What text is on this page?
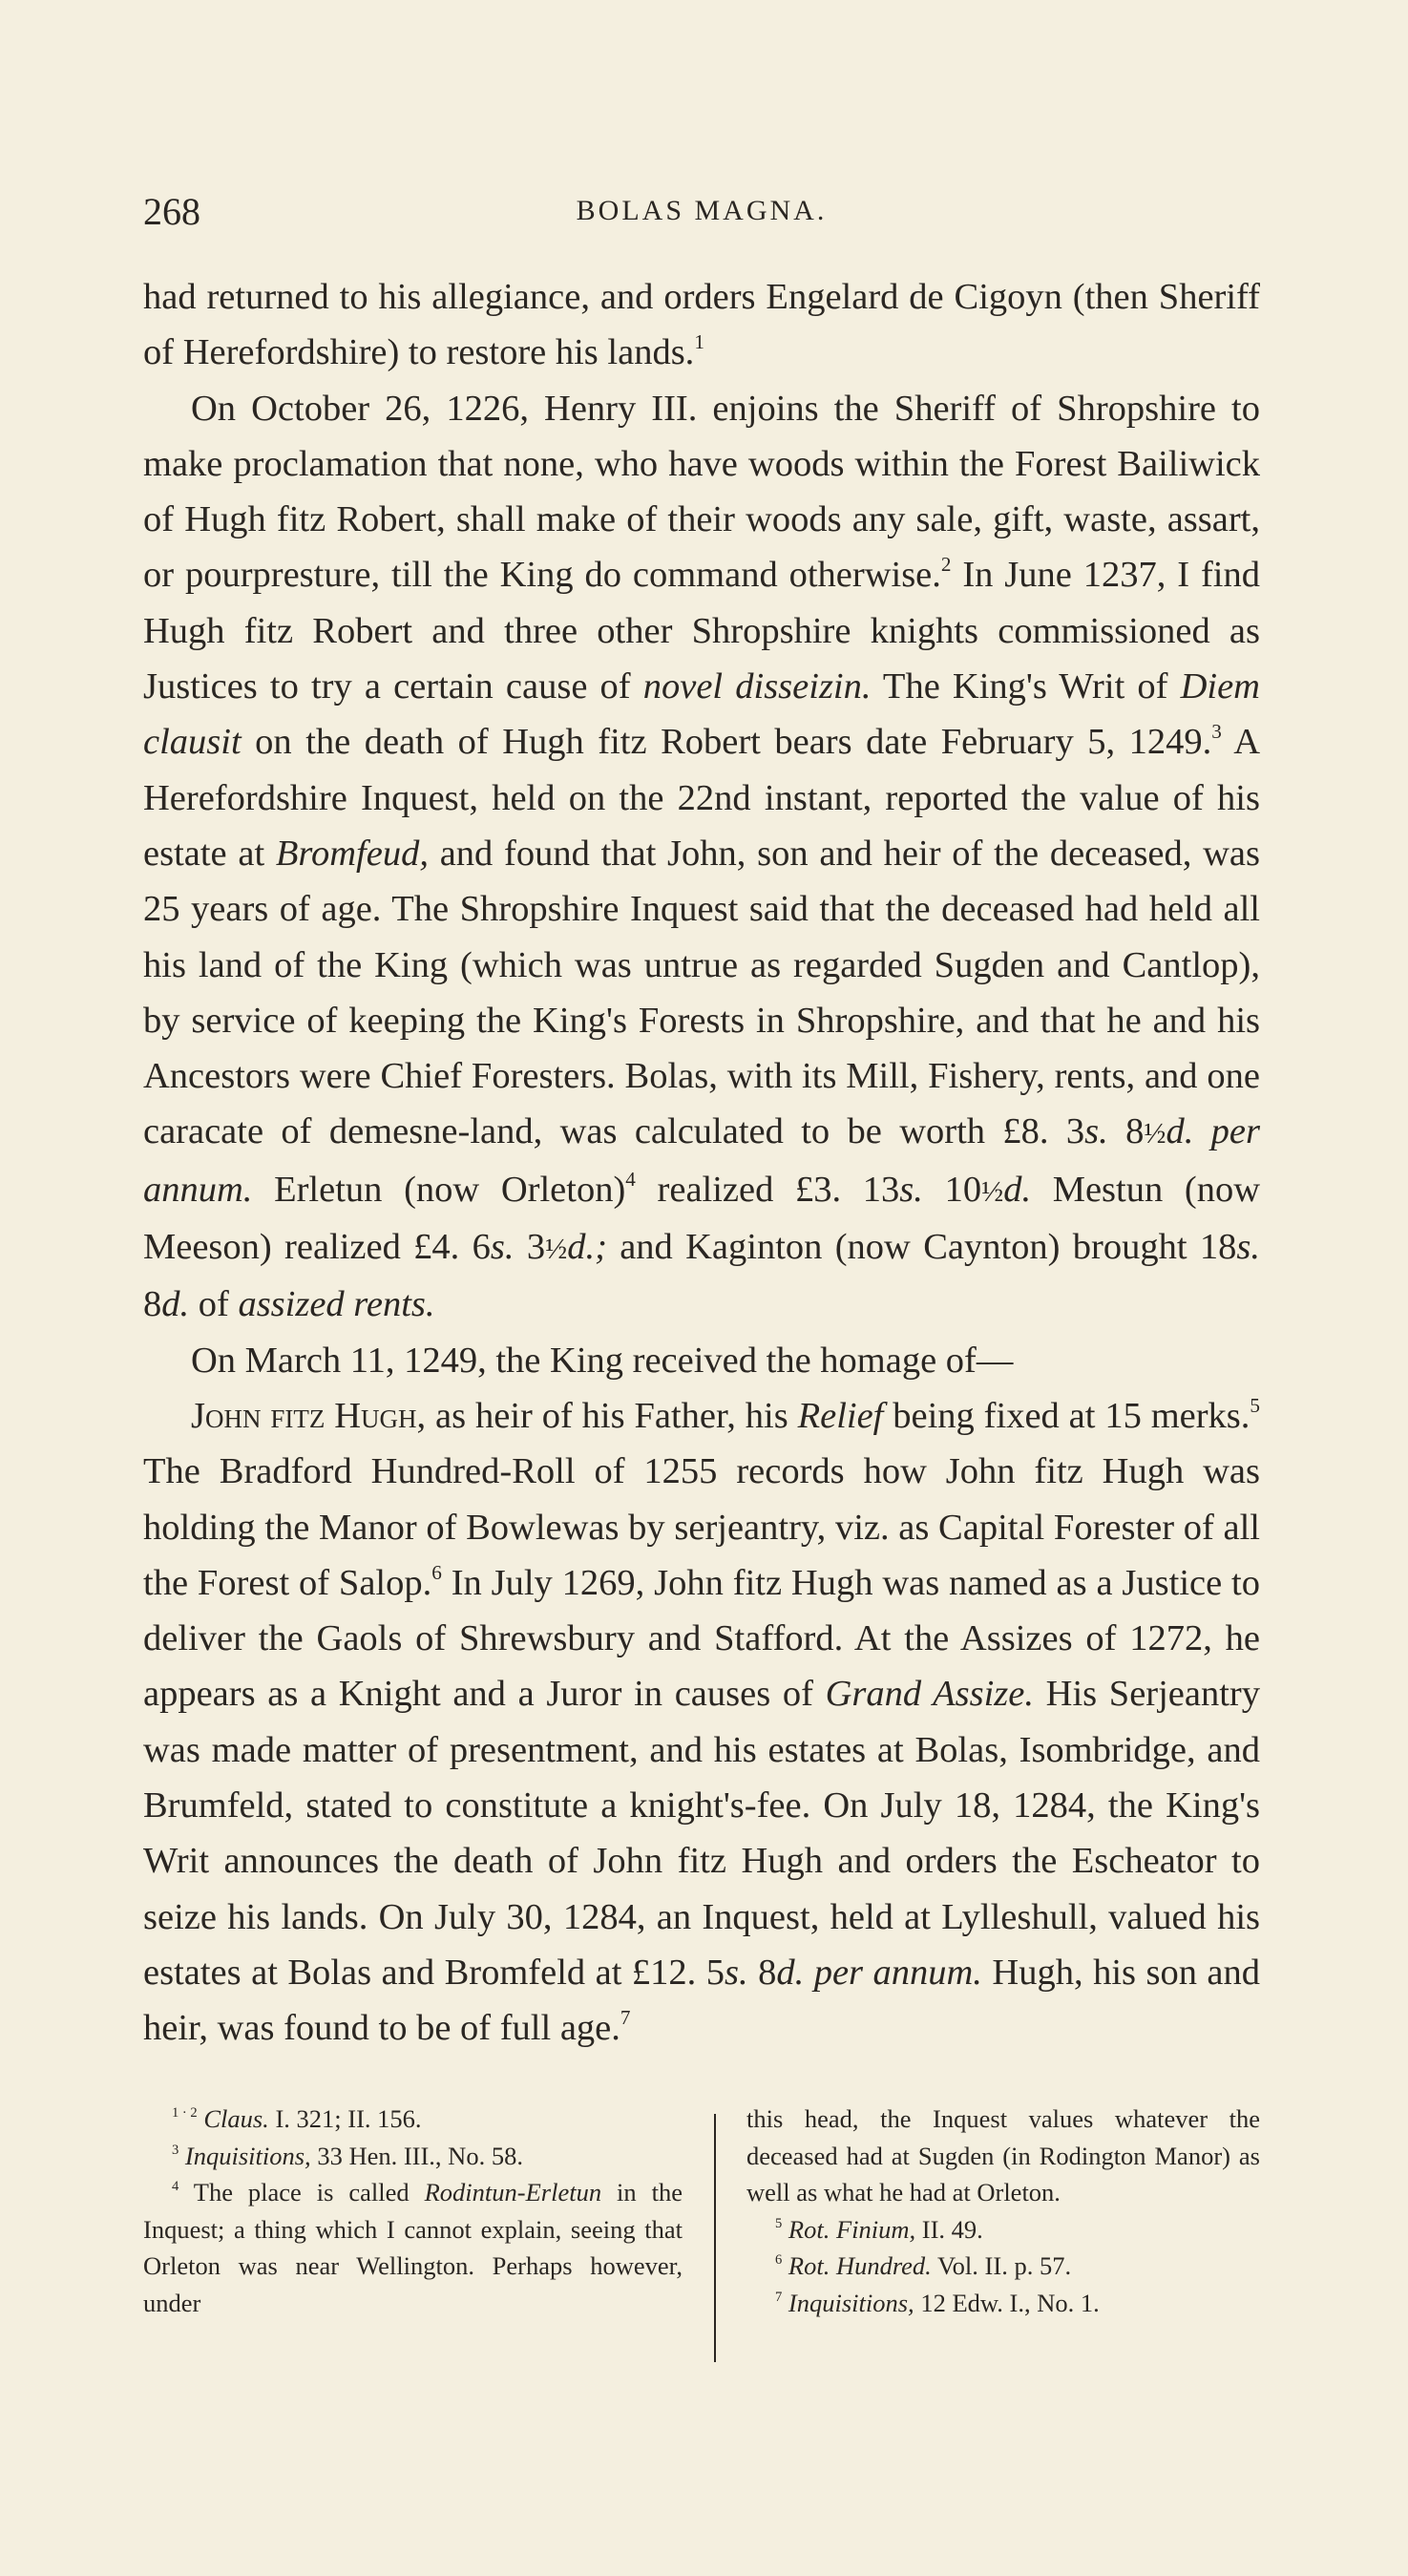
268	BOLAS MAGNA.

had returned to his allegiance, and orders Engelard de Cigoyn (then Sheriff of Herefordshire) to restore his lands.$^1$

On October 26, 1226, Henry III. enjoins the Sheriff of Shropshire to make proclamation that none, who have woods within the Forest Bailiwick of Hugh fitz Robert, shall make of their woods any sale, gift, waste, assart, or pourpresture, till the King do command otherwise.$^2$ In June 1237, I find Hugh fitz Robert and three other Shropshire knights commissioned as Justices to try a certain cause of novel disseizin. The King's Writ of Diem clausit on the death of Hugh fitz Robert bears date February 5, 1249.$^3$ A Herefordshire Inquest, held on the 22nd instant, reported the value of his estate at Bromfeud, and found that John, son and heir of the deceased, was 25 years of age. The Shropshire Inquest said that the deceased had held all his land of the King (which was untrue as regarded Sugden and Cantlop), by service of keeping the King's Forests in Shropshire, and that he and his Ancestors were Chief Foresters. Bolas, with its Mill, Fishery, rents, and one caracate of demesne-land, was calculated to be worth £8. 3s. 8½d. per annum. Erletun (now Orleton)$^4$ realized £3. 13s. 10½d. Mestun (now Meeson) realized £4. 6s. 3½d.; and Kaginton (now Caynton) brought 18s. 8d. of assized rents.

On March 11, 1249, the King received the homage of—

John fitz Hugh, as heir of his Father, his Relief being fixed at 15 merks.$^5$ The Bradford Hundred-Roll of 1255 records how John fitz Hugh was holding the Manor of Bowlewas by serjeantry, viz. as Capital Forester of all the Forest of Salop.$^6$ In July 1269, John fitz Hugh was named as a Justice to deliver the Gaols of Shrewsbury and Stafford. At the Assizes of 1272, he appears as a Knight and a Juror in causes of Grand Assize. His Serjeantry was made matter of presentment, and his estates at Bolas, Isombridge, and Brumfeld, stated to constitute a knight's-fee. On July 18, 1284, the King's Writ announces the death of John fitz Hugh and orders the Escheator to seize his lands. On July 30, 1284, an Inquest, held at Lylleshull, valued his estates at Bolas and Bromfeld at £12. 5s. 8d. per annum. Hugh, his son and heir, was found to be of full age.$^7$

$^{1 \cdot 2}$ Claus. I. 321; II. 156.

$^3$ Inquisitions, 33 Hen. III., No. 58.

$^4$ The place is called Rodintun-Erletun in the Inquest; a thing which I cannot explain, seeing that Orleton was near Wellington. Perhaps however, under

this head, the Inquest values whatever the deceased had at Sugden (in Rodington Manor) as well as what he had at Orleton.

$^5$ Rot. Finium, II. 49.

$^6$ Rot. Hundred. Vol. II. p. 57.

$^7$ Inquisitions, 12 Edw. I., No. 1.
